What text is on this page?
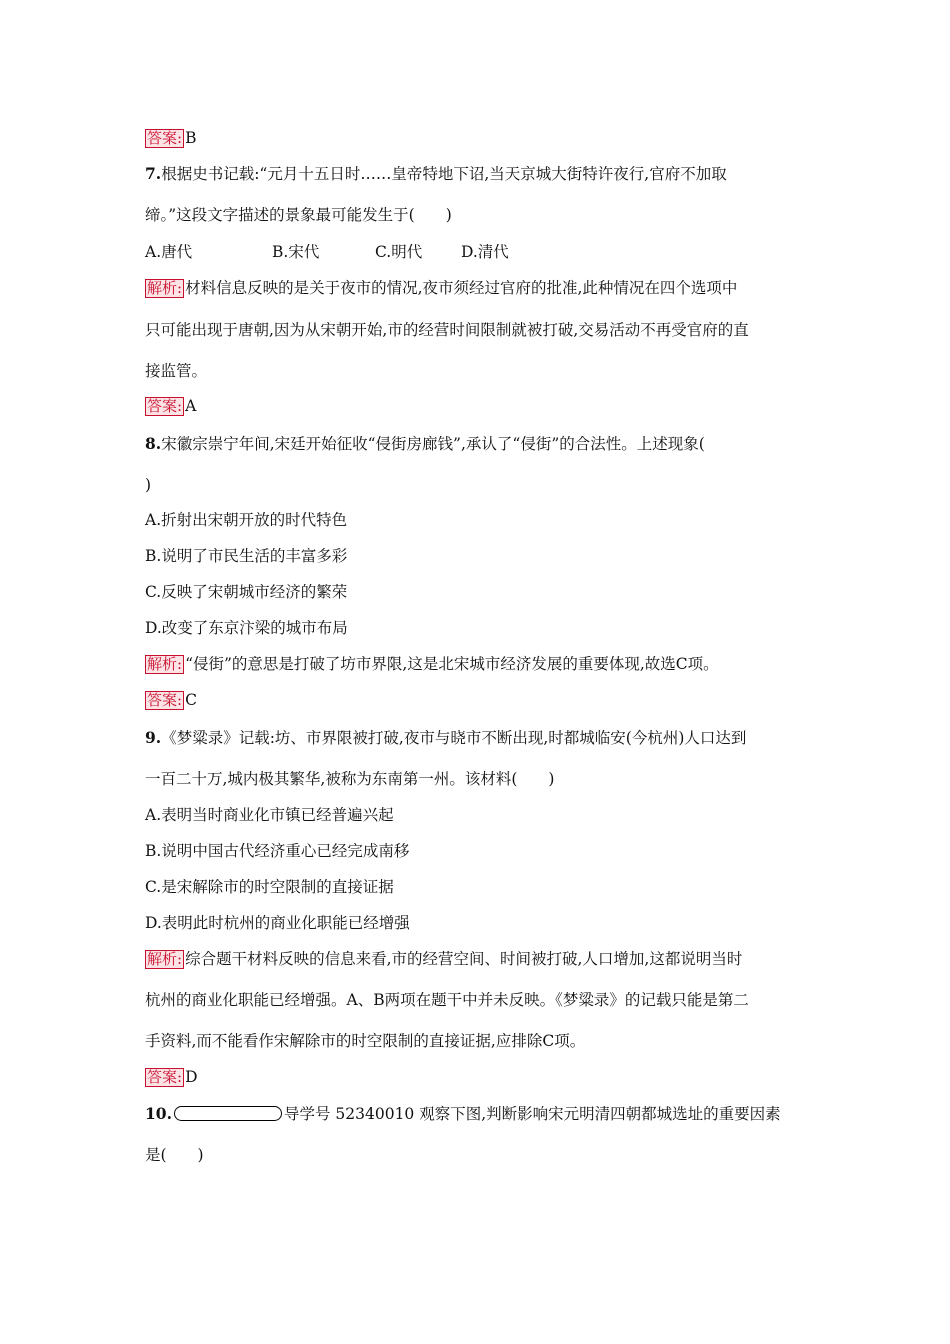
答案: B
7.根据史书记载:“元月十五日时……皇帝特地下诏,当天京城大街特许夜行,官府不加取
缔。”这段文字描述的景象最可能发生于(　　)
A.唐代	B.宋代	C.明代	D.清代
解析: 材料信息反映的是关于夜市的情况,夜市须经过官府的批准,此种情况在四个选项中
只可能出现于唐朝,因为从宋朝开始,市的经营时间限制就被打破,交易活动不再受官府的直
接监管。
答案: A
8.宋徽宗崇宁年间,宋廷开始征收“侵街房廊钱”,承认了“侵街”的合法性。上述现象(
)
A.折射出宋朝开放的时代特色
B.说明了市民生活的丰富多彩
C.反映了宋朝城市经济的繁荣
D.改变了东京汴梁的城市布局
解析: “侵街”的意思是打破了坊市界限,这是北宋城市经济发展的重要体现,故选C项。
答案: C
9.《梦粱录》记载:坊、市界限被打破,夜市与晓市不断出现,时都城临安(今杭州)人口达到
一百二十万,城内极其繁华,被称为东南第一州。该材料(　　)
A.表明当时商业化市镇已经普遍兴起
B.说明中国古代经济重心已经完成南移
C.是宋解除市的时空限制的直接证据
D.表明此时杭州的商业化职能已经增强
解析: 综合题干材料反映的信息来看,市的经营空间、时间被打破,人口增加,这都说明当时
杭州的商业化职能已经增强。A、B两项在题干中并未反映。《梦粱录》的记载只能是第二
手资料,而不能看作宋解除市的时空限制的直接证据,应排除C项。
答案: D
10.	导学号 52340010 观察下图,判断影响宋元明清四朝都城选址的重要因素
是(　　)
